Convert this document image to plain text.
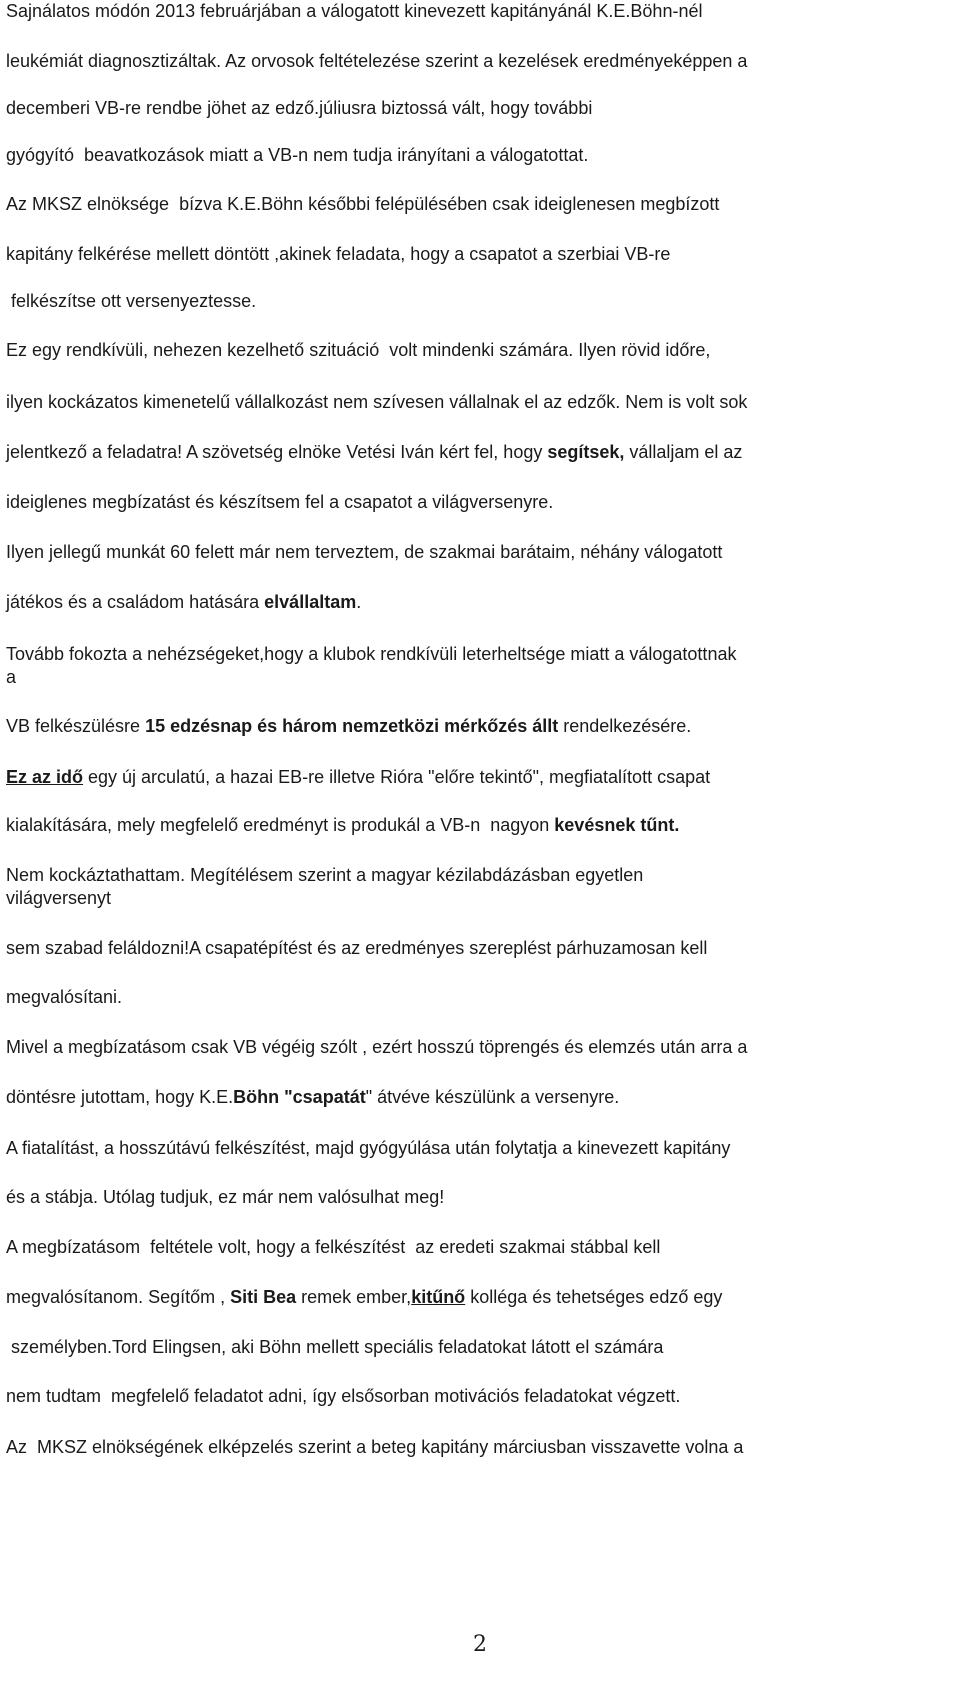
Sajnálatos módón 2013 februárjában a válogatott kinevezett kapitányánál K.E.Böhn-nél
leukémiát diagnosztizáltak. Az orvosok feltételezése szerint a kezelések eredményeképpen a
decemberi VB-re rendbe jöhet az edző.júliusra biztossá vált, hogy további
gyógyító  beavatkozások miatt a VB-n nem tudja irányítani a válogatottat.
Az MKSZ elnöksége  bízva K.E.Böhn későbbi felépülésében csak ideiglenesen megbízott
kapitány felkérése mellett döntött ,akinek feladata, hogy a csapatot a szerbiai VB-re
felkészítse ott versenyeztesse.
Ez egy rendkívüli, nehezen kezelhető szituáció  volt mindenki számára. Ilyen rövid időre,
ilyen kockázatos kimenetelű vállalkozást nem szívesen vállalnak el az edzők. Nem is volt sok
jelentkező a feladatra! A szövetség elnöke Vetési Iván kért fel, hogy segítsek, vállaljam el az
ideiglenes megbízatást és készítsem fel a csapatot a világversenyre.
Ilyen jellegű munkát 60 felett már nem terveztem, de szakmai barátaim, néhány válogatott
játékos és a családom hatására elvállaltam.
Tovább fokozta a nehézségeket,hogy a klubok rendkívüli leterheltsége miatt a válogatottnak
a
VB felkészülésre 15 edzésnap és három nemzetközi mérkőzés állt rendelkezésére.
Ez az idő egy új arculatú, a hazai EB-re illetve Rióra "előre tekintő", megfiatalított csapat
kialakítására, mely megfelelő eredményt is produkál a VB-n  nagyon kevésnek tűnt.
Nem kockáztathattam. Megítélésem szerint a magyar kézilabdázásban egyetlen
világversenyt
sem szabad feláldozni!A csapatépítést és az eredményes szereplést párhuzamosan kell
megvalósítani.
Mivel a megbízatásom csak VB végéig szólt , ezért hosszú töprengés és elemzés után arra a
döntésre jutottam, hogy K.E.Böhn "csapatát" átvéve készülünk a versenyre.
A fiatalítást, a hosszútávú felkészítést, majd gyógyúlása után folytatja a kinevezett kapitány
és a stábja. Utólag tudjuk, ez már nem valósulhat meg!
A megbízatásom  feltétele volt, hogy a felkészítést  az eredeti szakmai stábbal kell
megvalósítanom. Segítőm , Siti Bea remek ember,kitűnő kolléga és tehetséges edző egy
személyben.Tord Elingsen, aki Böhn mellett speciális feladatokat látott el számára
nem tudtam  megfelelő feladatot adni, így elsősorban motivációs feladatokat végzett.
Az  MKSZ elnökségének elképzelés szerint a beteg kapitány márciusban visszavette volna a
2
